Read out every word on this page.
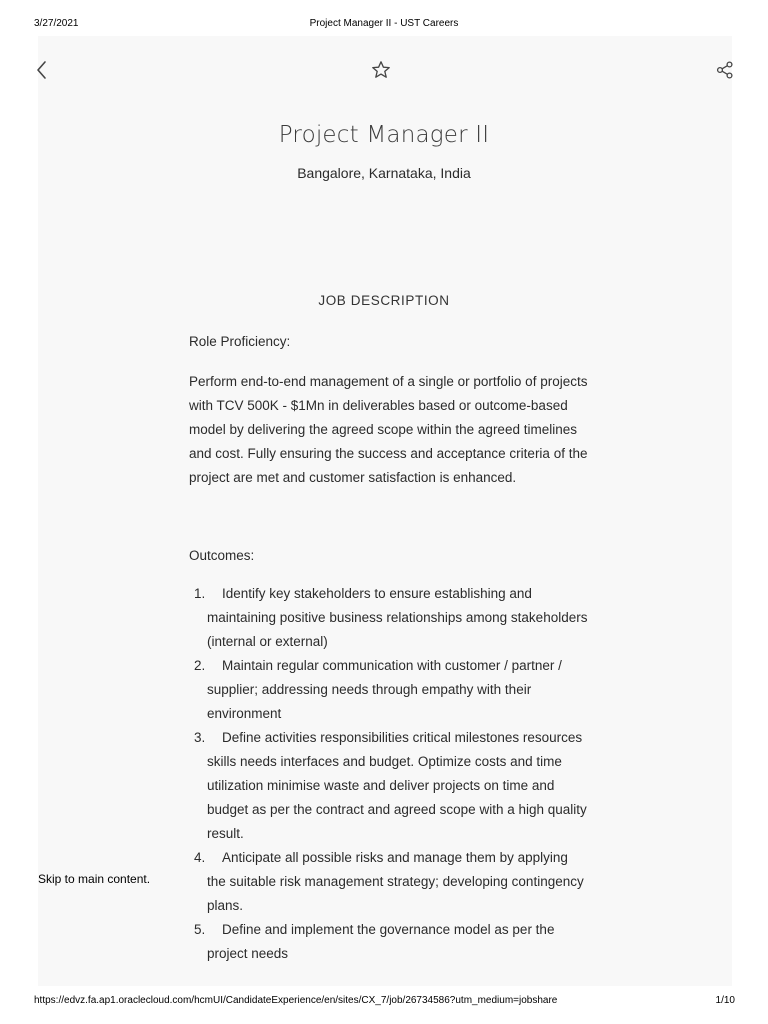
3/27/2021	Project Manager II - UST Careers
Project Manager II
Bangalore, Karnataka, India
JOB DESCRIPTION

Role Proficiency:

Perform end-to-end management of a single or portfolio of projects with TCV 500K - $1Mn in deliverables based or outcome-based model by delivering the agreed scope within the agreed timelines and cost. Fully ensuring the success and acceptance criteria of the project are met and customer satisfaction is enhanced.

Outcomes:

1. Identify key stakeholders to ensure establishing and maintaining positive business relationships among stakeholders (internal or external)
2. Maintain regular communication with customer / partner / supplier; addressing needs through empathy with their environment
3. Define activities responsibilities critical milestones resources skills needs interfaces and budget. Optimize costs and time utilization minimise waste and deliver projects on time and budget as per the contract and agreed scope with a high quality result.
4. Anticipate all possible risks and manage them by applying the suitable risk management strategy; developing contingency plans.
5. Define and implement the governance model as per the project needs
Skip to main content.
https://edvz.fa.ap1.oraclecloud.com/hcmUI/CandidateExperience/en/sites/CX_7/job/26734586?utm_medium=jobshare	1/10
